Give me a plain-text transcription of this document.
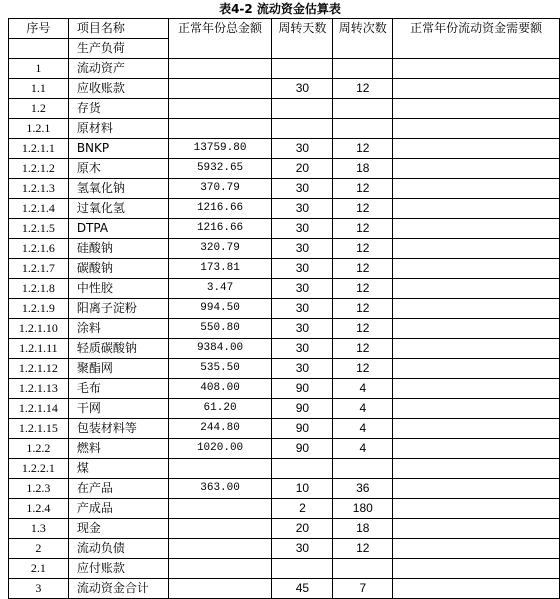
表4-2 流动资金估算表
序号	项目名称	正常年份总金额	周转天数	周转次数	正常年份流动资金需要额
	生产负荷				
1	流动资产				
1.1	应收账款		30	12	
1.2	存货				
1.2.1	原材料				
1.2.1.1	BNKP	13759.80	30	12	
1.2.1.2	原木	5932.65	20	18	
1.2.1.3	氢氧化钠	370.79	30	12	
1.2.1.4	过氧化氢	1216.66	30	12	
1.2.1.5	DTPA	1216.66	30	12	
1.2.1.6	硅酸钠	320.79	30	12	
1.2.1.7	碳酸钠	173.81	30	12	
1.2.1.8	中性胶	3.47	30	12	
1.2.1.9	阳离子淀粉	994.50	30	12	
1.2.1.10	涂料	550.80	30	12	
1.2.1.11	轻质碳酸钠	9384.00	30	12	
1.2.1.12	聚酯网	535.50	30	12	
1.2.1.13	毛布	408.00	90	4	
1.2.1.14	干网	61.20	90	4	
1.2.1.15	包装材料等	244.80	90	4	
1.2.2	燃料	1020.00	90	4	
1.2.2.1	煤				
1.2.3	在产品	363.00	10	36	
1.2.4	产成品		2	180	
1.3	现金		20	18	
2	流动负债		30	12	
2.1	应付账款				
3	流动资金合计		45	7	
